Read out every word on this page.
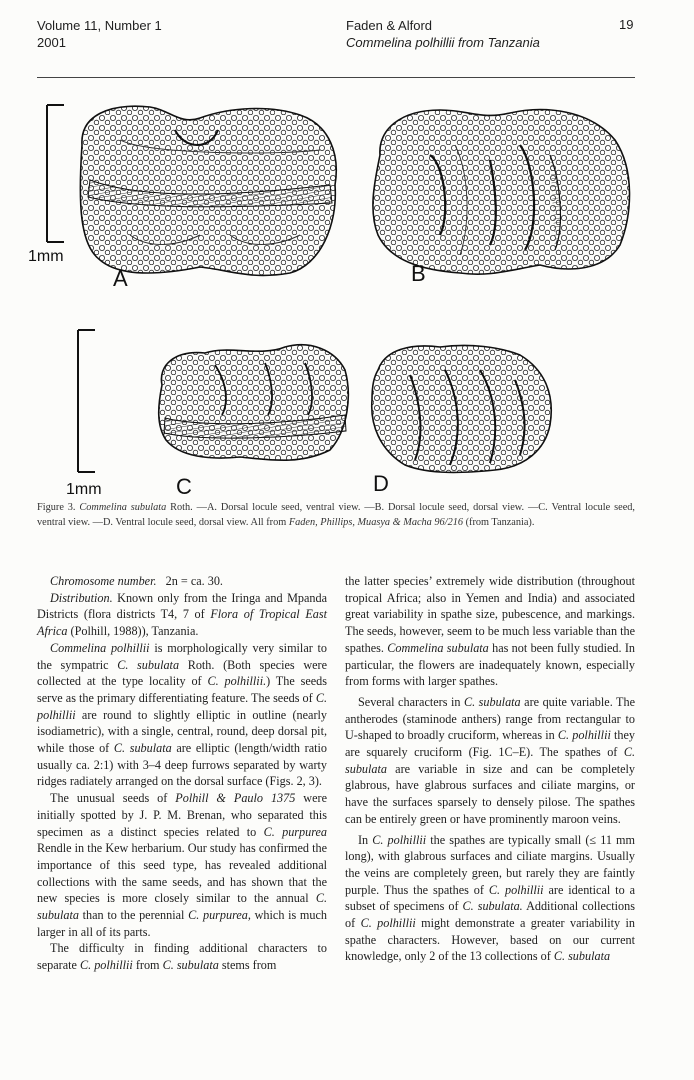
Volume 11, Number 1
2001
Faden & Alford
Commelina polhillii from Tanzania
19
1mm
1mm
A	B
C	D
Figure 3. Commelina subulata Roth. —A. Dorsal locule seed, ventral view. —B. Dorsal locule seed, dorsal view. —C. Ventral locule seed, ventral view. —D. Ventral locule seed, dorsal view. All from Faden, Phillips, Muasya & Macha 96/216 (from Tanzania).

Chromosome number. 2n = ca. 30.

Distribution. Known only from the Iringa and Mpanda Districts (flora districts T4, 7 of Flora of Tropical East Africa (Polhill, 1988)), Tanzania.

Commelina polhillii is morphologically very similar to the sympatric C. subulata Roth. (Both species were collected at the type locality of C. polhillii.) The seeds serve as the primary differentiating feature. The seeds of C. polhillii are round to slightly elliptic in outline (nearly isodiametric), with a single, central, round, deep dorsal pit, while those of C. subulata are elliptic (length/width ratio usually ca. 2:1) with 3–4 deep furrows separated by warty ridges radiately arranged on the dorsal surface (Figs. 2, 3).

The unusual seeds of Polhill & Paulo 1375 were initially spotted by J. P. M. Brenan, who separated this specimen as a distinct species related to C. purpurea Rendle in the Kew herbarium. Our study has confirmed the importance of this seed type, has revealed additional collections with the same seeds, and has shown that the new species is more closely similar to the annual C. subulata than to the perennial C. purpurea, which is much larger in all of its parts.

The difficulty in finding additional characters to separate C. polhillii from C. subulata stems from

the latter species’ extremely wide distribution (throughout tropical Africa; also in Yemen and India) and associated great variability in spathe size, pubescence, and markings. The seeds, however, seem to be much less variable than the spathes. Commelina subulata has not been fully studied. In particular, the flowers are inadequately known, especially from forms with larger spathes.

Several characters in C. subulata are quite variable. The antherodes (staminode anthers) range from rectangular to U-shaped to broadly cruciform, whereas in C. polhillii they are squarely cruciform (Fig. 1C–E). The spathes of C. subulata are variable in size and can be completely glabrous, have glabrous surfaces and ciliate margins, or have the surfaces sparsely to densely pilose. The spathes can be entirely green or have prominently maroon veins.

In C. polhillii the spathes are typically small (≤ 11 mm long), with glabrous surfaces and ciliate margins. Usually the veins are completely green, but rarely they are faintly purple. Thus the spathes of C. polhillii are identical to a subset of specimens of C. subulata. Additional collections of C. polhillii might demonstrate a greater variability in spathe characters. However, based on our current knowledge, only 2 of the 13 collections of C. subulata
